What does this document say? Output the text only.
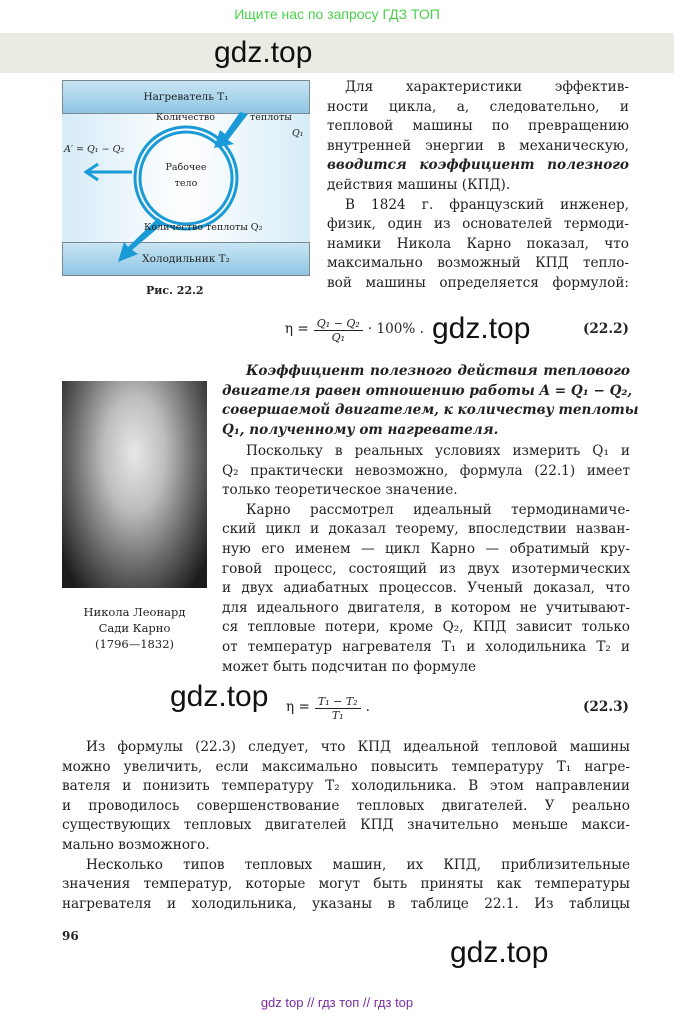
Ищите нас по запросу ГДЗ ТОП
gdz.top
Нагреватель T₁
Холодильник T₂
Количество	теплоты
Q₁
A′ = Q₁ − Q₂
Рабочее
тело
Количество теплоты Q₂
Рис. 22.2
Для характеристики эффектив-
ности цикла, а, следовательно, и
тепловой машины по превращению
внутренней энергии в механическую,
вводится коэффициент полезного
действия машины (КПД).
В 1824 г. французский инженер,
физик, один из основателей термоди-
намики Никола Карно показал, что
максимально возможный КПД тепло-
вой машины определяется формулой:
$\eta = \frac{\text{Q₁ − Q₂}}{\text{Q₁}} \cdot 100\%$ . gdz.top	(22.2)
Коэффициент полезного действия теплового
двигателя равен отношению работы A = Q₁ − Q₂,
совершаемой двигателем, к количеству теплоты
Q₁, полученному от нагревателя.
Никола Леонард
Сади Карно
(1796—1832)
Поскольку в реальных условиях измерить Q₁ и
Q₂ практически невозможно, формула (22.1) имеет
только теоретическое значение.
Карно рассмотрел идеальный термодинамиче-
ский цикл и доказал теорему, впоследствии назван-
ную его именем — цикл Карно — обратимый кру-
говой процесс, состоящий из двух изотермических
и двух адиабатных процессов. Ученый доказал, что
для идеального двигателя, в котором не учитывают-
ся тепловые потери, кроме Q₂, КПД зависит только
от температур нагревателя T₁ и холодильника T₂ и
может быть подсчитан по формуле
gdz.top $\eta = \frac{\text{T₁ − T₂}}{\text{T₁}}$ .	(22.3)
Из формулы (22.3) следует, что КПД идеальной тепловой машины
можно увеличить, если максимально повысить температуру T₁ нагре-
вателя и понизить температуру T₂ холодильника. В этом направлении
и проводилось совершенствование тепловых двигателей. У реально
существующих тепловых двигателей КПД значительно меньше макси-
мально возможного.
Несколько типов тепловых машин, их КПД, приблизительные
значения температур, которые могут быть приняты как температуры
нагревателя и холодильника, указаны в таблице 22.1. Из таблицы
96	gdz.top
gdz top // гдз топ // гдз top
